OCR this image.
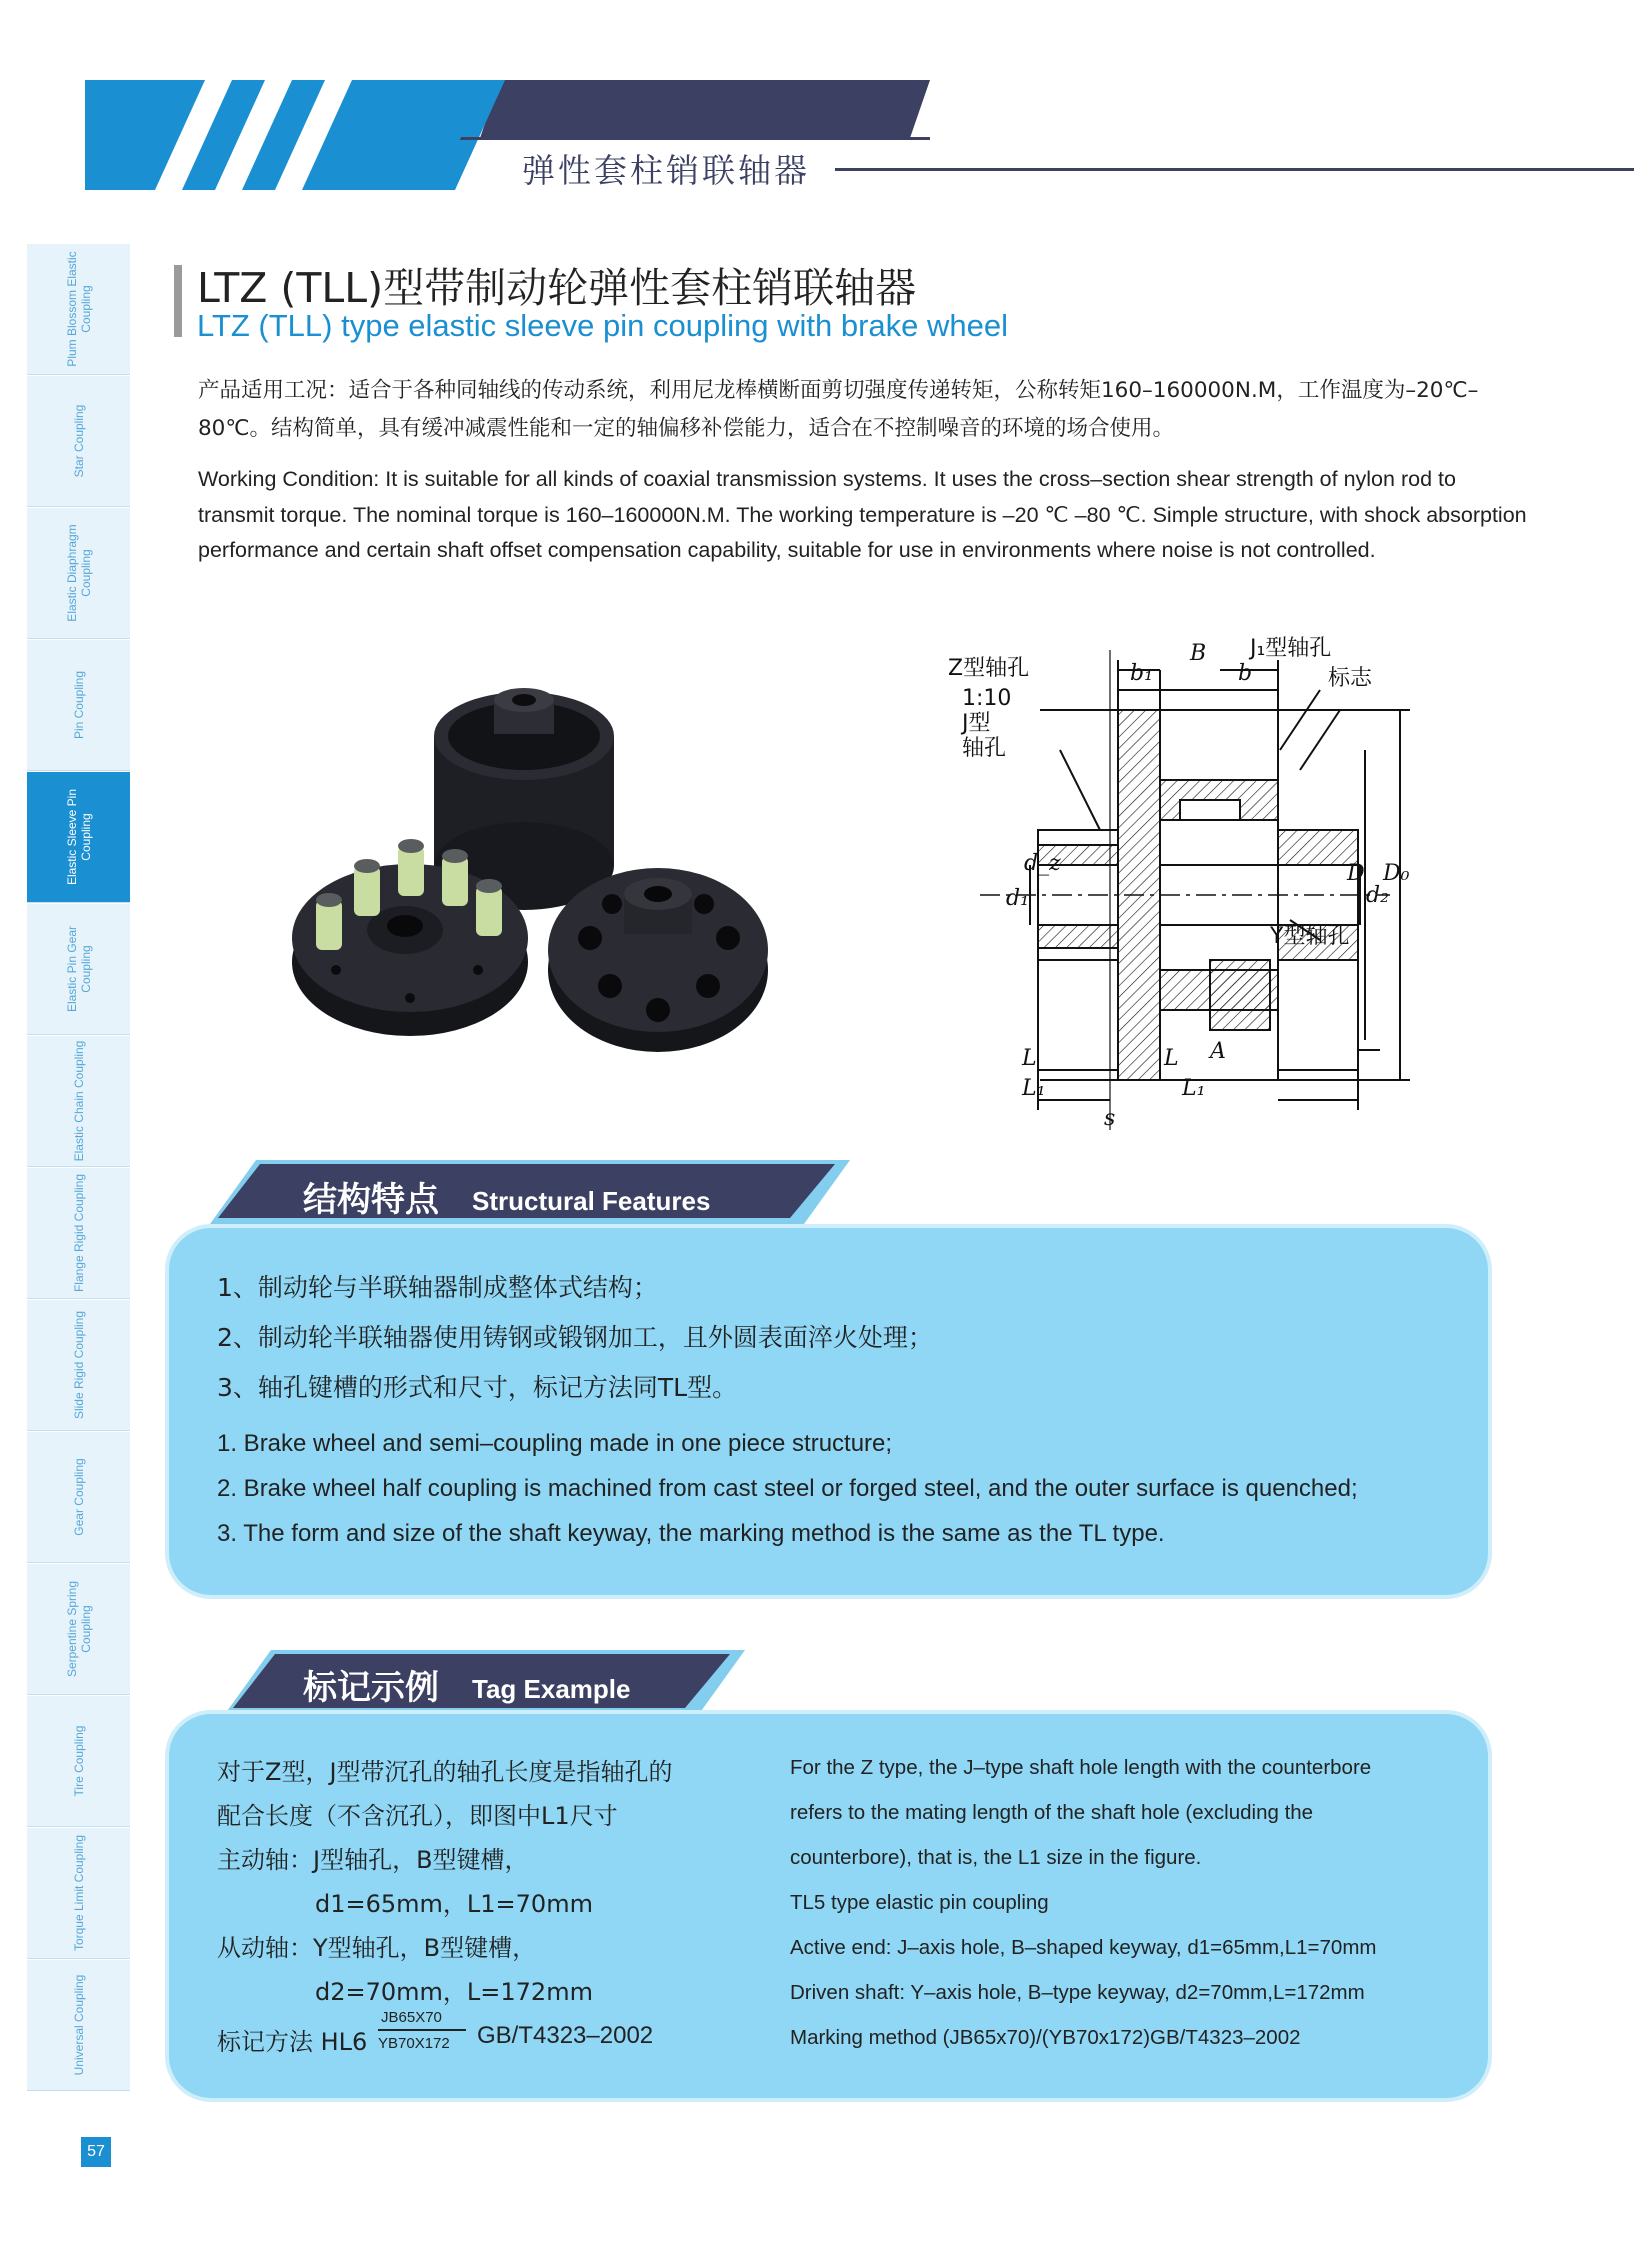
弹性套柱销联轴器
Plum Blossom Elastic Coupling
Star Coupling
Elastic Diaphragm Coupling
Pin Coupling
Elastic Sleeve Pin Coupling
Elastic Pin Gear Coupling
Elastic Chain Coupling
Flange Rigid Coupling
Slide Rigid Coupling
Gear Coupling
Serpentine Spring Coupling
Tire Coupling
Torque Limit Coupling
Universal Coupling
57
LTZ (TLL)型带制动轮弹性套柱销联轴器
LTZ (TLL) type elastic sleeve pin coupling with brake wheel
产品适用工况：适合于各种同轴线的传动系统，利用尼龙棒横断面剪切强度传递转矩，公称转矩160–160000N.M，工作温度为–20℃–80℃。结构简单，具有缓冲减震性能和一定的轴偏移补偿能力，适合在不控制噪音的环境的场合使用。
Working Condition: It is suitable for all kinds of coaxial transmission systems. It uses the cross–section shear strength of nylon rod to transmit torque. The nominal torque is 160–160000N.M. The working temperature is –20 ℃ –80 ℃. Simple structure, with shock absorption performance and certain shaft offset compensation capability, suitable for use in environments where noise is not controlled.
Z型轴孔
1:10
J型
轴孔
J₁型轴孔
标志
Y型轴孔
B
b₁	b
d₁
d_z
d₂
D D₀
L
L₁
L
L₁
A
s
结构特点 Structural Features
1、制动轮与半联轴器制成整体式结构；
2、制动轮半联轴器使用铸钢或锻钢加工，且外圆表面淬火处理；
3、轴孔键槽的形式和尺寸，标记方法同TL型。
1. Brake wheel and semi–coupling made in one piece structure;
2. Brake wheel half coupling is machined from cast steel or forged steel, and the outer surface is quenched;
3. The form and size of the shaft keyway, the marking method is the same as the TL type.
标记示例 Tag Example
对于Z型，J型带沉孔的轴孔长度是指轴孔的
配合长度（不含沉孔），即图中L1尺寸
主动轴：J型轴孔，B型键槽，
d1=65mm，L1=70mm
从动轴：Y型轴孔，B型键槽，
d2=70mm，L=172mm
标记方法 HL6
JB65X70
YB70X172 GB/T4323–2002
For the Z type, the J–type shaft hole length with the counterbore
refers to the mating length of the shaft hole (excluding the
counterbore), that is, the L1 size in the figure.
TL5 type elastic pin coupling
Active end: J–axis hole, B–shaped keyway, d1=65mm,L1=70mm
Driven shaft: Y–axis hole, B–type keyway, d2=70mm,L=172mm
Marking method (JB65x70)/(YB70x172)GB/T4323–2002
